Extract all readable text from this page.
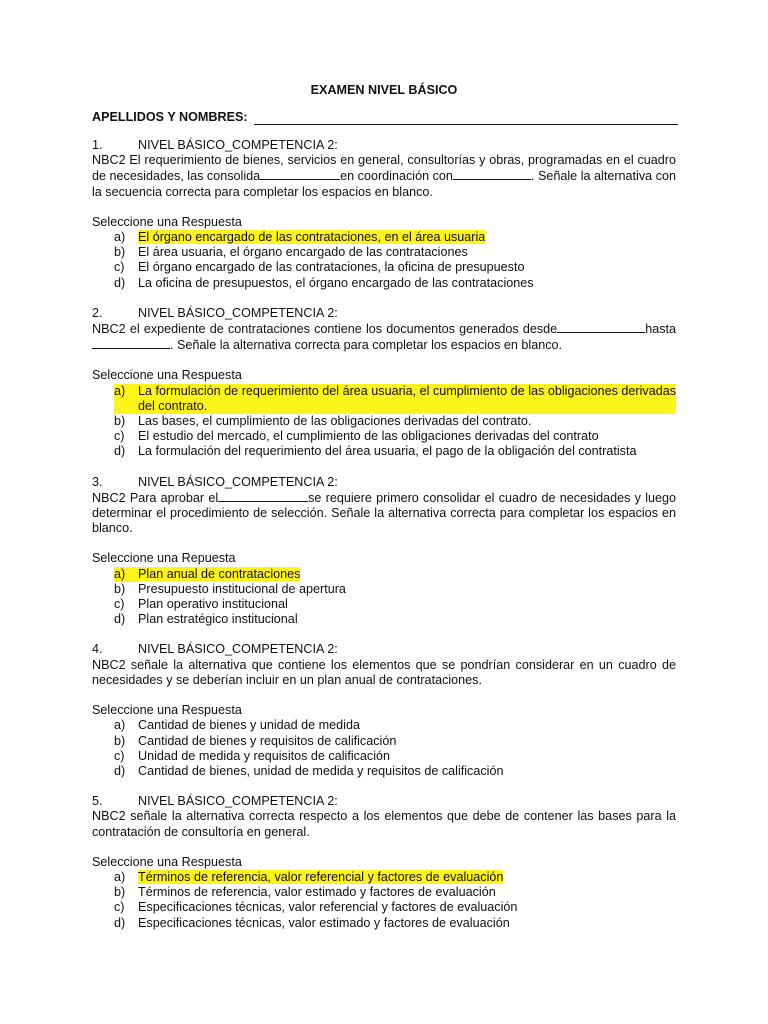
EXAMEN NIVEL BÁSICO
APELLIDOS Y NOMBRES:
1.	NIVEL BÁSICO_COMPETENCIA 2:
NBC2 El requerimiento de bienes, servicios en general, consultorías y obras, programadas en el cuadro de necesidades, las consolida	en coordinación con	. Señale la alternativa con la secuencia correcta para completar los espacios en blanco.
Seleccione una Respuesta
a)	El órgano encargado de las contrataciones, en el área usuaria
b)	El área usuaria, el órgano encargado de las contrataciones
c)	El órgano encargado de las contrataciones, la oficina de presupuesto
d)	La oficina de presupuestos, el órgano encargado de las contrataciones
2.	NIVEL BÁSICO_COMPETENCIA 2:
NBC2 el expediente de contrataciones contiene los documentos generados desde	hasta . Señale la alternativa correcta para completar los espacios en blanco.
Seleccione una Respuesta
a)	La formulación de requerimiento del área usuaria, el cumplimiento de las obligaciones derivadas del contrato.
b)	Las bases, el cumplimiento de las obligaciones derivadas del contrato.
c)	El estudio del mercado, el cumplimiento de las obligaciones derivadas del contrato
d)	La formulación del requerimiento del área usuaria, el pago de la obligación del contratista
3.	NIVEL BÁSICO_COMPETENCIA 2:
NBC2 Para aprobar el	se requiere primero consolidar el cuadro de necesidades y luego determinar el procedimiento de selección. Señale la alternativa correcta para completar los espacios en blanco.
Seleccione una Repuesta
a)	Plan anual de contrataciones
b)	Presupuesto institucional de apertura
c)	Plan operativo institucional
d)	Plan estratégico institucional
4.	NIVEL BÁSICO_COMPETENCIA 2:
NBC2 señale la alternativa que contiene los elementos que se pondrían considerar en un cuadro de necesidades y se deberían incluir en un plan anual de contrataciones.
Seleccione una Respuesta
a)	Cantidad de bienes y unidad de medida
b)	Cantidad de bienes y requisitos de calificación
c)	Unidad de medida y requisitos de calificación
d)	Cantidad de bienes, unidad de medida y requisitos de calificación
5.	NIVEL BÁSICO_COMPETENCIA 2:
NBC2 señale la alternativa correcta respecto a los elementos que debe de contener las bases para la contratación de consultoría en general.
Seleccione una Respuesta
a)	Términos de referencia, valor referencial y factores de evaluación
b)	Términos de referencia, valor estimado y factores de evaluación
c)	Especificaciones técnicas, valor referencial y factores de evaluación
d)	Especificaciones técnicas, valor estimado y factores de evaluación
